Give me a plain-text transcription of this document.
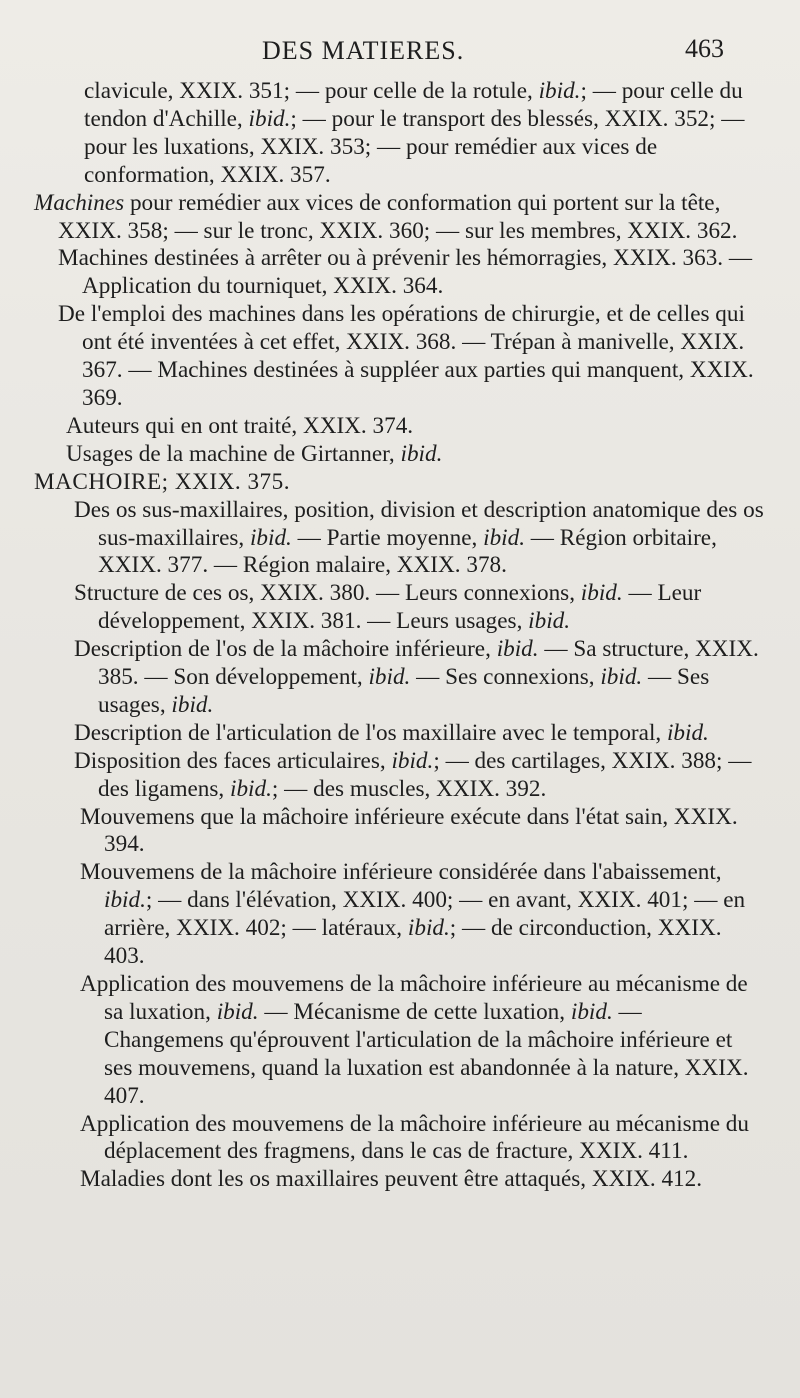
DES MATIERES.	463

clavicule, XXIX. 351; — pour celle de la rotule, ibid.; — pour celle du tendon d'Achille, ibid.; — pour le transport des blessés, XXIX. 352; — pour les luxations, XXIX. 353; — pour remédier aux vices de conformation, XXIX. 357.

Machines pour remédier aux vices de conformation qui portent sur la tête, XXIX. 358; — sur le tronc, XXIX. 360; — sur les membres, XXIX. 362.

Machines destinées à arrêter ou à prévenir les hémorragies, XXIX. 363. — Application du tourniquet, XXIX. 364.

De l'emploi des machines dans les opérations de chirurgie, et de celles qui ont été inventées à cet effet, XXIX. 368. — Trépan à manivelle, XXIX. 367. — Machines destinées à suppléer aux parties qui manquent, XXIX. 369.

Auteurs qui en ont traité, XXIX. 374.

Usages de la machine de Girtanner, ibid.

MACHOIRE; XXIX. 375.

Des os sus-maxillaires, position, division et description anatomique des os sus-maxillaires, ibid. — Partie moyenne, ibid. — Région orbitaire, XXIX. 377. — Région malaire, XXIX. 378.

Structure de ces os, XXIX. 380. — Leurs connexions, ibid. — Leur développement, XXIX. 381. — Leurs usages, ibid.

Description de l'os de la mâchoire inférieure, ibid. — Sa structure, XXIX. 385. — Son développement, ibid. — Ses connexions, ibid. — Ses usages, ibid.

Description de l'articulation de l'os maxillaire avec le temporal, ibid.

Disposition des faces articulaires, ibid.; — des cartilages, XXIX. 388; — des ligamens, ibid.; — des muscles, XXIX. 392.

Mouvemens que la mâchoire inférieure exécute dans l'état sain, XXIX. 394.

Mouvemens de la mâchoire inférieure considérée dans l'abaissement, ibid.; — dans l'élévation, XXIX. 400; — en avant, XXIX. 401; — en arrière, XXIX. 402; — latéraux, ibid.; — de circonduction, XXIX. 403.

Application des mouvemens de la mâchoire inférieure au mécanisme de sa luxation, ibid. — Mécanisme de cette luxation, ibid. — Changemens qu'éprouvent l'articulation de la mâchoire inférieure et ses mouvemens, quand la luxation est abandonnée à la nature, XXIX. 407.

Application des mouvemens de la mâchoire inférieure au mécanisme du déplacement des fragmens, dans le cas de fracture, XXIX. 411.

Maladies dont les os maxillaires peuvent être attaqués, XXIX. 412.
